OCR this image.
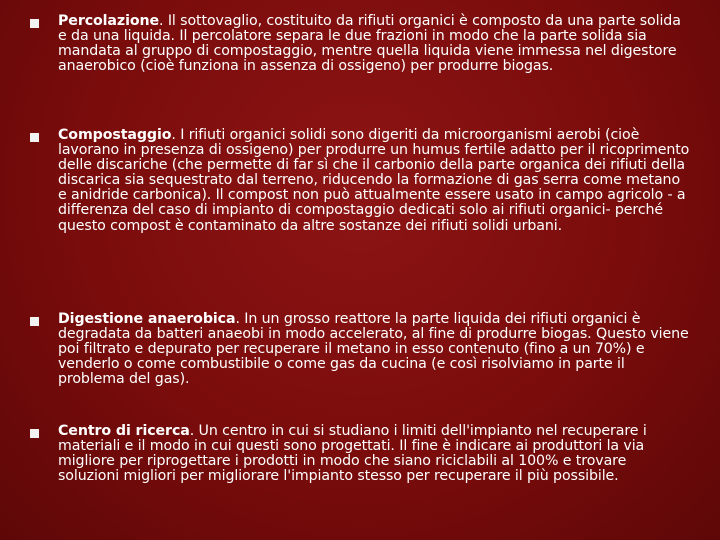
Percolazione. Il sottovaglio, costituito da rifiuti organici è composto da una parte solida e da una liquida. Il percolatore separa le due frazioni in modo che la parte solida sia mandata al gruppo di compostaggio, mentre quella liquida viene immessa nel digestore anaerobico (cioè funziona in assenza di ossigeno) per produrre biogas.

Compostaggio. I rifiuti organici solidi sono digeriti da microorganismi aerobi (cioè lavorano in presenza di ossigeno) per produrre un humus fertile adatto per il ricoprimento delle discariche (che permette di far sì che il carbonio della parte organica dei rifiuti della discarica sia sequestrato dal terreno, riducendo la formazione di gas serra come metano e anidride carbonica). Il compost non può attualmente essere usato in campo agricolo - a differenza del caso di impianto di compostaggio dedicati solo ai rifiuti organici- perché questo compost è contaminato da altre sostanze dei rifiuti solidi urbani.

Digestione anaerobica. In un grosso reattore la parte liquida dei rifiuti organici è degradata da batteri anaeobi in modo accelerato, al fine di produrre biogas. Questo viene poi filtrato e depurato per recuperare il metano in esso contenuto (fino a un 70%) e venderlo o come combustibile o come gas da cucina (e così risolviamo in parte il problema del gas).

Centro di ricerca. Un centro in cui si studiano i limiti dell'impianto nel recuperare i materiali e il modo in cui questi sono progettati. Il fine è indicare ai produttori la via migliore per riprogettare i prodotti in modo che siano riciclabili al 100% e trovare soluzioni migliori per migliorare l'impianto stesso per recuperare il più possibile.
